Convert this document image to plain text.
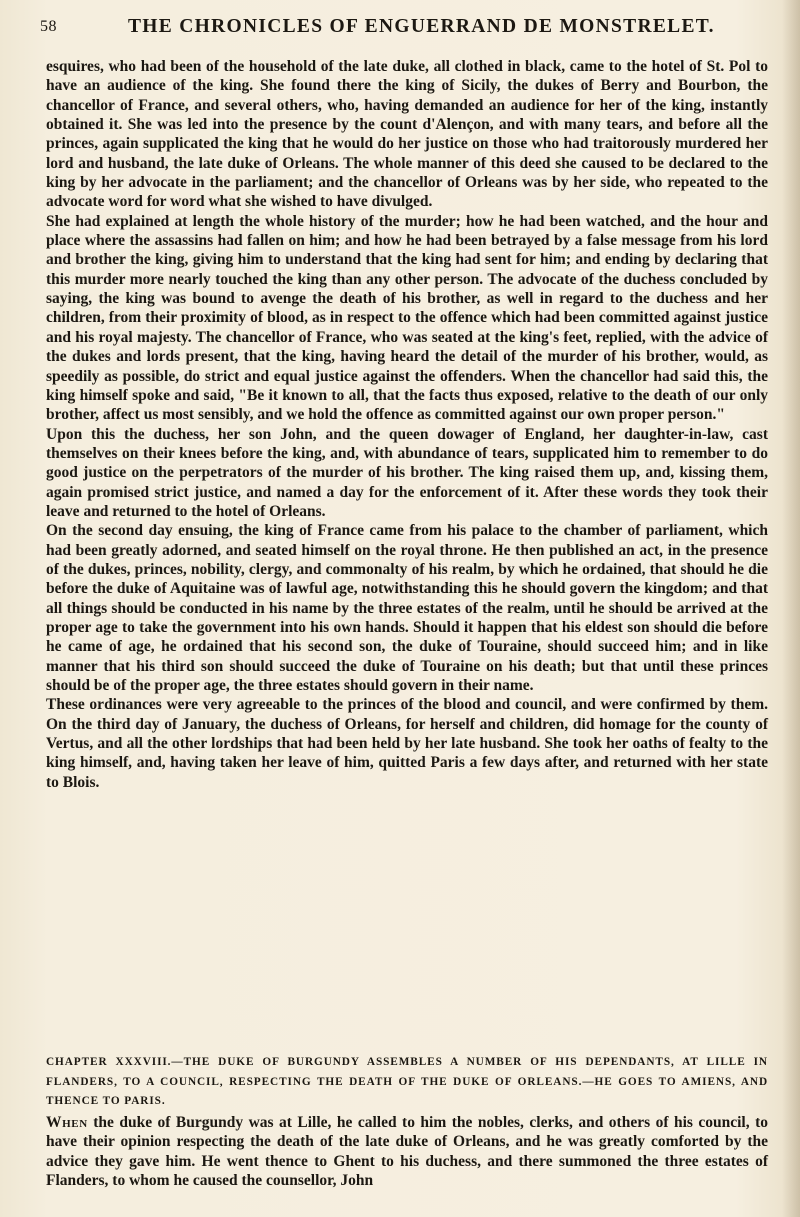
58	THE CHRONICLES OF ENGUERRAND DE MONSTRELET.

esquires, who had been of the household of the late duke, all clothed in black, came to the hotel of St. Pol to have an audience of the king. She found there the king of Sicily, the dukes of Berry and Bourbon, the chancellor of France, and several others, who, having demanded an audience for her of the king, instantly obtained it. She was led into the presence by the count d'Alençon, and with many tears, and before all the princes, again supplicated the king that he would do her justice on those who had traitorously murdered her lord and husband, the late duke of Orleans. The whole manner of this deed she caused to be declared to the king by her advocate in the parliament; and the chancellor of Orleans was by her side, who repeated to the advocate word for word what she wished to have divulged.

She had explained at length the whole history of the murder; how he had been watched, and the hour and place where the assassins had fallen on him; and how he had been betrayed by a false message from his lord and brother the king, giving him to understand that the king had sent for him; and ending by declaring that this murder more nearly touched the king than any other person. The advocate of the duchess concluded by saying, the king was bound to avenge the death of his brother, as well in regard to the duchess and her children, from their proximity of blood, as in respect to the offence which had been committed against justice and his royal majesty. The chancellor of France, who was seated at the king's feet, replied, with the advice of the dukes and lords present, that the king, having heard the detail of the murder of his brother, would, as speedily as possible, do strict and equal justice against the offenders. When the chancellor had said this, the king himself spoke and said, "Be it known to all, that the facts thus exposed, relative to the death of our only brother, affect us most sensibly, and we hold the offence as committed against our own proper person."

Upon this the duchess, her son John, and the queen dowager of England, her daughter-in-law, cast themselves on their knees before the king, and, with abundance of tears, supplicated him to remember to do good justice on the perpetrators of the murder of his brother. The king raised them up, and, kissing them, again promised strict justice, and named a day for the enforcement of it. After these words they took their leave and returned to the hotel of Orleans.

On the second day ensuing, the king of France came from his palace to the chamber of parliament, which had been greatly adorned, and seated himself on the royal throne. He then published an act, in the presence of the dukes, princes, nobility, clergy, and commonalty of his realm, by which he ordained, that should he die before the duke of Aquitaine was of lawful age, notwithstanding this he should govern the kingdom; and that all things should be conducted in his name by the three estates of the realm, until he should be arrived at the proper age to take the government into his own hands. Should it happen that his eldest son should die before he came of age, he ordained that his second son, the duke of Touraine, should succeed him; and in like manner that his third son should succeed the duke of Touraine on his death; but that until these princes should be of the proper age, the three estates should govern in their name.

These ordinances were very agreeable to the princes of the blood and council, and were confirmed by them. On the third day of January, the duchess of Orleans, for herself and children, did homage for the county of Vertus, and all the other lordships that had been held by her late husband. She took her oaths of fealty to the king himself, and, having taken her leave of him, quitted Paris a few days after, and returned with her state to Blois.

CHAPTER XXXVIII.—THE DUKE OF BURGUNDY ASSEMBLES A NUMBER OF HIS DEPENDANTS, AT LILLE IN FLANDERS, TO A COUNCIL, RESPECTING THE DEATH OF THE DUKE OF ORLEANS.—HE GOES TO AMIENS, AND THENCE TO PARIS.

When the duke of Burgundy was at Lille, he called to him the nobles, clerks, and others of his council, to have their opinion respecting the death of the late duke of Orleans, and he was greatly comforted by the advice they gave him. He went thence to Ghent to his duchess, and there summoned the three estates of Flanders, to whom he caused the counsellor, John
